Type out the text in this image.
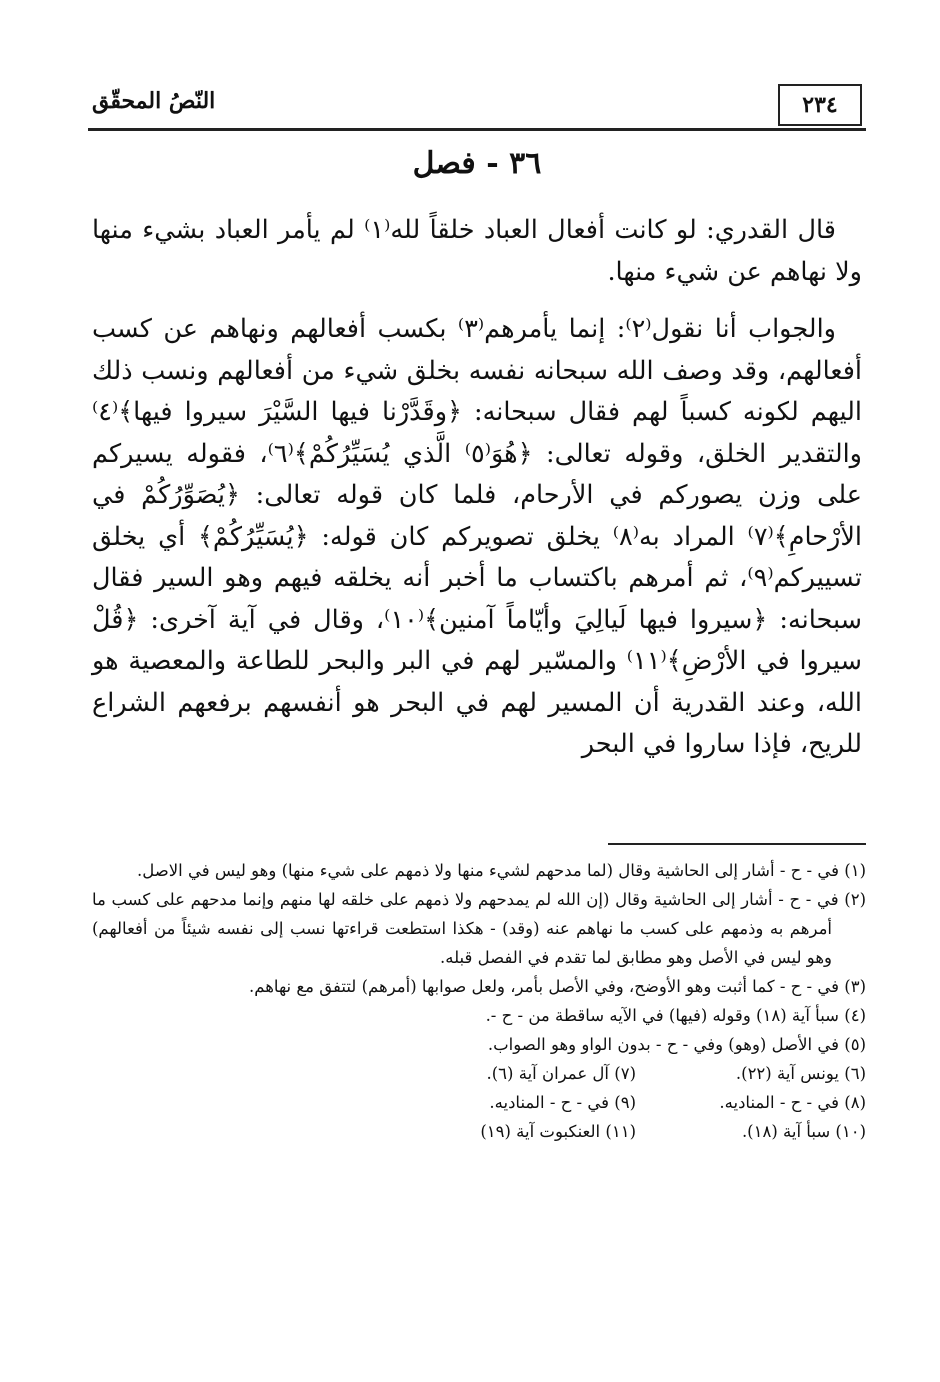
النّصُ المحقّق	٢٣٤
٣٦ - فصل

قال القدري: لو كانت أفعال العباد خلقاً لله⁽١⁾ لم يأمر العباد بشيء منها ولا نهاهم عن شيء منها.

والجواب أنا نقول⁽٢⁾: إنما يأمرهم⁽٣⁾ بكسب أفعالهم ونهاهم عن كسب أفعالهم، وقد وصف الله سبحانه نفسه بخلق شيء من أفعالهم ونسب ذلك اليهم لكونه كسباً لهم فقال سبحانه: ﴿وقَدَّرْنا فيها السَّيْرَ سيروا فيها﴾⁽٤⁾ والتقدير الخلق، وقوله تعالى: ﴿هُوَ⁽٥⁾ الَّذي يُسَيِّرُكُمْ﴾⁽٦⁾، فقوله يسيركم على وزن يصوركم في الأرحام، فلما كان قوله تعالى: ﴿يُصَوِّرُكُمْ في الأرْحامِ﴾⁽٧⁾ المراد به⁽٨⁾ يخلق تصويركم كان قوله: ﴿يُسَيِّرُكُمْ﴾ أي يخلق تسييركم⁽٩⁾، ثم أمرهم باكتساب ما أخبر أنه يخلقه فيهم وهو السير فقال سبحانه: ﴿سيروا فيها لَيالِيَ وأيّاماً آمنين﴾⁽١٠⁾، وقال في آية آخرى: ﴿قُلْ سيروا في الأرْضِ﴾⁽١١⁾ والمسّير لهم في البر والبحر للطاعة والمعصية هو الله، وعند القدرية أن المسير لهم في البحر هو أنفسهم برفعهم الشراع للريح، فإذا ساروا في البحر

(١) في - ح - أشار إلى الحاشية وقال (لما مدحهم لشيء منها ولا ذمهم على شيء منها) وهو ليس في الاصل.

(٢) في - ح - أشار إلى الحاشية وقال (إن الله لم يمدحهم ولا ذمهم على خلقه لها منهم وإنما مدحهم على كسب ما أمرهم به وذمهم على كسب ما نهاهم عنه (وقد) - هكذا استطعت قراءتها نسب إلى نفسه شيئاً من أفعالهم) وهو ليس في الأصل وهو مطابق لما تقدم في الفصل قبله.

(٣) في - ح - كما أثبت وهو الأوضح، وفي الأصل بأمر، ولعل صوابها (أمرهم) لتتفق مع نهاهم.

(٤) سبأ آية (١٨) وقوله (فيها) في الآيه ساقطة من - ح -.

(٥) في الأصل (وهو) وفي - ح - بدون الواو وهو الصواب.

(٦) يونس آية (٢٢).

(٧) آل عمران آية (٦).

(٨) في - ح - المناديه.

(٩) في - ح - المناديه.

(١٠) سبأ آية (١٨).

(١١) العنكبوت آية (١٩)
